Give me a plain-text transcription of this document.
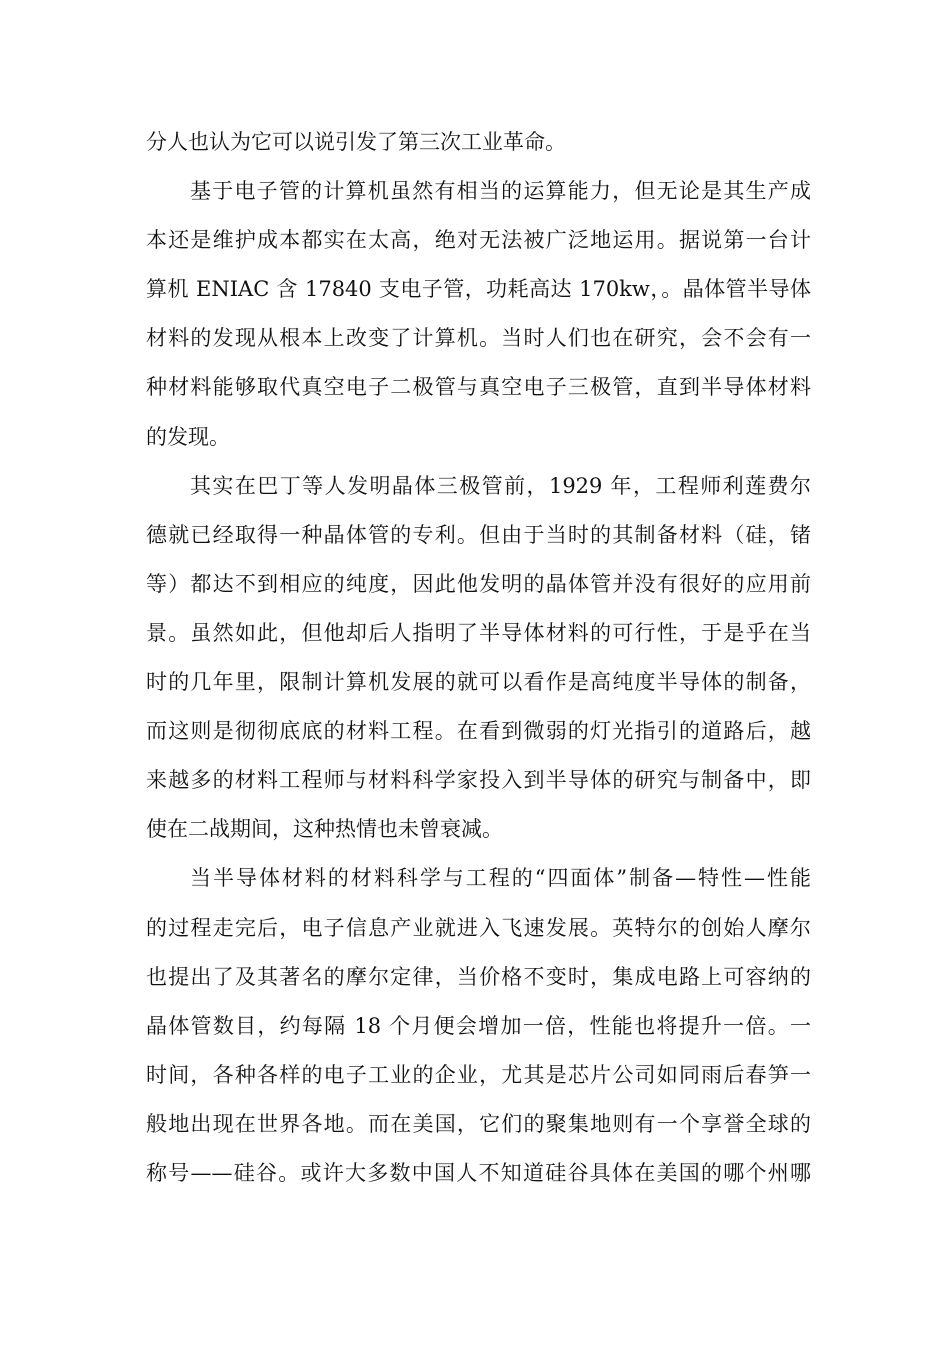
分人也认为它可以说引发了第三次工业革命。
基于电子管的计算机虽然有相当的运算能力，但无论是其生产成
本还是维护成本都实在太高，绝对无法被广泛地运用。据说第一台计
算机 ENIAC 含 17840 支电子管，功耗高达 170kw，。晶体管半导体
材料的发现从根本上改变了计算机。当时人们也在研究，会不会有一
种材料能够取代真空电子二极管与真空电子三极管，直到半导体材料
的发现。
其实在巴丁等人发明晶体三极管前，1929 年，工程师利莲费尔
德就已经取得一种晶体管的专利。但由于当时的其制备材料（硅，锗
等）都达不到相应的纯度，因此他发明的晶体管并没有很好的应用前
景。虽然如此，但他却后人指明了半导体材料的可行性，于是乎在当
时的几年里，限制计算机发展的就可以看作是高纯度半导体的制备，
而这则是彻彻底底的材料工程。在看到微弱的灯光指引的道路后，越
来越多的材料工程师与材料科学家投入到半导体的研究与制备中，即
使在二战期间，这种热情也未曾衰减。
当半导体材料的材料科学与工程的“四面体”制备—特性—性能
的过程走完后，电子信息产业就进入飞速发展。英特尔的创始人摩尔
也提出了及其著名的摩尔定律，当价格不变时，集成电路上可容纳的
晶体管数目，约每隔 18 个月便会增加一倍，性能也将提升一倍。一
时间，各种各样的电子工业的企业，尤其是芯片公司如同雨后春笋一
般地出现在世界各地。而在美国，它们的聚集地则有一个享誉全球的
称号——硅谷。或许大多数中国人不知道硅谷具体在美国的哪个州哪
